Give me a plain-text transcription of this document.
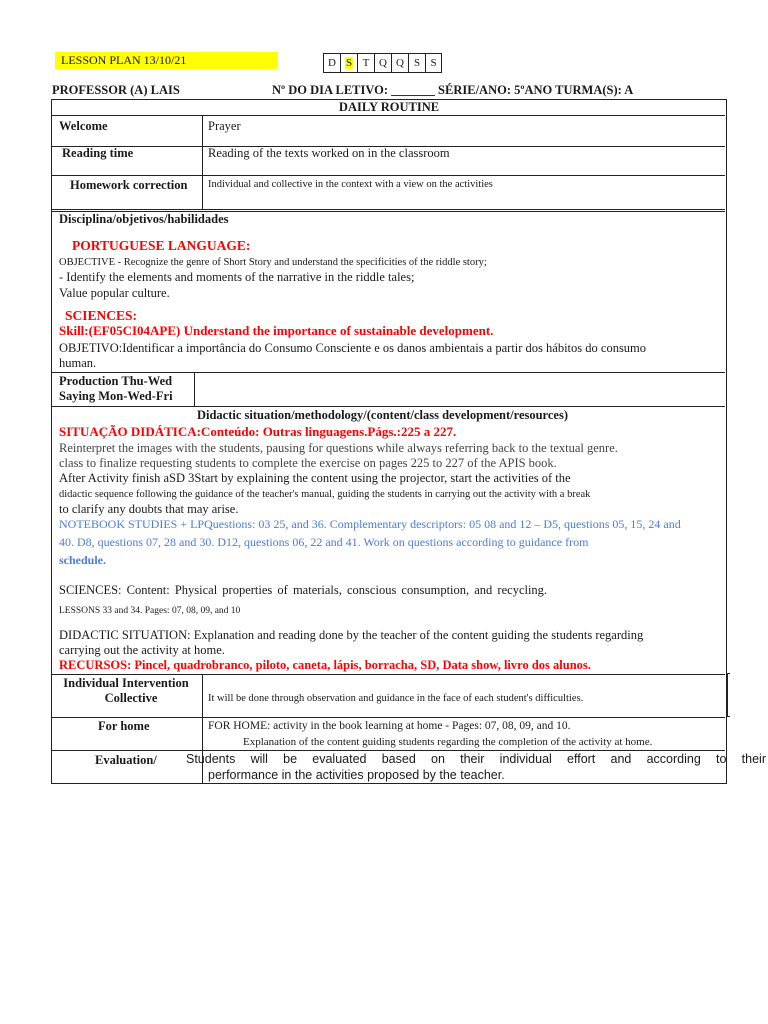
LESSON PLAN 13/10/21	D S T Q Q S S
PROFESSOR (A) LAIS	Nº DO DIA LETIVO: _______ SÉRIE/ANO: 5ºANO TURMA(S): A
DAILY ROUTINE
Welcome	Prayer
Reading time	Reading of the texts worked on in the classroom
Homework correction Individual and collective in the context with a view on the activities
Disciplina/objetivos/habilidades
PORTUGUESE LANGUAGE:
OBJECTIVE - Recognize the genre of Short Story and understand the specificities of the riddle story;
- Identify the elements and moments of the narrative in the riddle tales;
Value popular culture.
SCIENCES:
Skill:(EF05CI04APE) Understand the importance of sustainable development.
OBJETIVO:Identificar a importância do Consumo Consciente e os danos ambientais a partir dos hábitos do consumo
human.
Production Thu-Wed
Saying Mon-Wed-Fri
Didactic situation/methodology/(content/class development/resources)
SITUAÇÃO DIDÁTICA:Conteúdo: Outras linguagens.Págs.:225 a 227.
Reinterpret the images with the students, pausing for questions while always referring back to the textual genre.
class to finalize requesting students to complete the exercise on pages 225 to 227 of the APIS book.
After Activity finish aSD 3Start by explaining the content using the projector, start the activities of the
didactic sequence following the guidance of the teacher's manual, guiding the students in carrying out the activity with a break
to clarify any doubts that may arise.
NOTEBOOK STUDIES + LPQuestions: 03 25, and 36. Complementary descriptors: 05 08 and 12 – D5, questions 05, 15, 24 and
40. D8, questions 07, 28 and 30. D12, questions 06, 22 and 41. Work on questions according to guidance from
schedule.
SCIENCES: Content: Physical properties of materials, conscious consumption, and recycling.
LESSONS 33 and 34. Pages: 07, 08, 09, and 10
DIDACTIC SITUATION: Explanation and reading done by the teacher of the content guiding the students regarding
carrying out the activity at home.
RECURSOS: Pincel, quadrobranco, piloto, caneta, lápis, borracha, SD, Data show, livro dos alunos.
Individual Intervention
Collective	It will be done through observation and guidance in the face of each student's difficulties.
For home	FOR HOME: activity in the book learning at home - Pages: 07, 08, 09, and 10.
Explanation of the content guiding students regarding the completion of the activity at home.
Evaluation/ Students will be evaluated based on their individual effort and according to their
performance in the activities proposed by the teacher.
